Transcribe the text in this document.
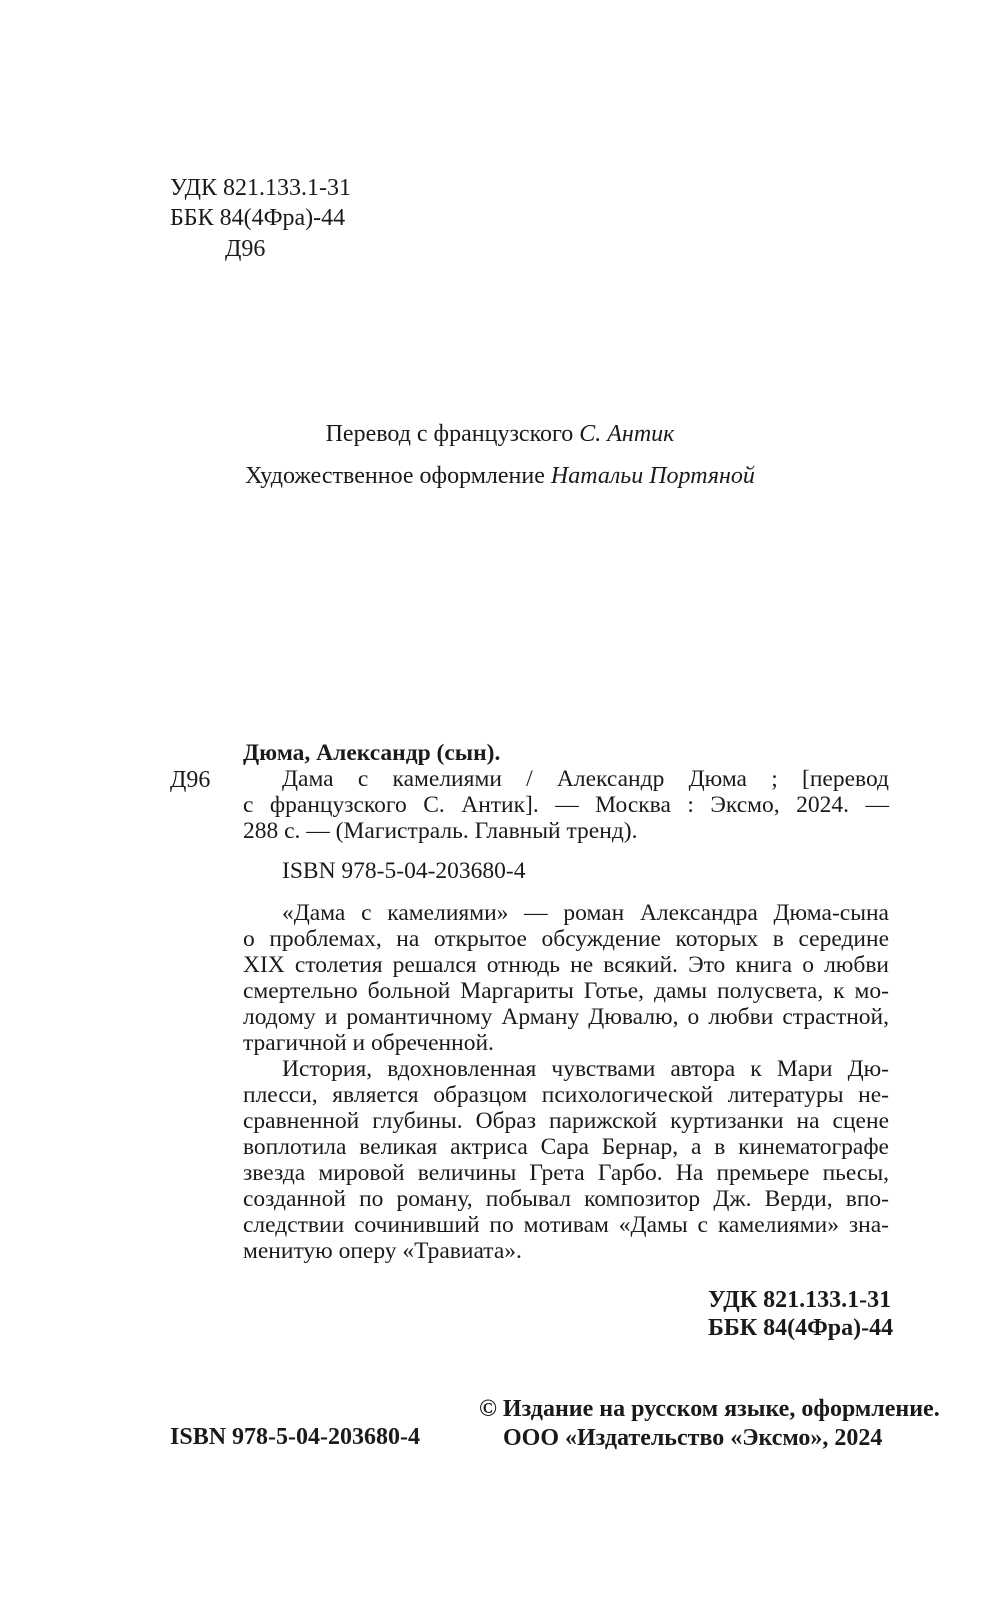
УДК 821.133.1-31
ББК 84(4Фра)-44
Д96
Перевод с французского С. Антик
Художественное оформление Натальи Портяной
Д96
Дюма, Александр (сын).
Дама с камелиями / Александр Дюма ; [перевод
с французского С. Антик]. — Москва : Эксмо, 2024. —
288 с. — (Магистраль. Главный тренд).
ISBN 978-5-04-203680-4
«Дама с камелиями» — роман Александра Дюма-сына
о проблемах, на открытое обсуждение которых в середине
XIX столетия решался отнюдь не всякий. Это книга о любви
смертельно больной Маргариты Готье, дамы полусвета, к мо-
лодому и романтичному Арману Дювалю, о любви страстной,
трагичной и обреченной.
История, вдохновленная чувствами автора к Мари Дю-
плесси, является образцом психологической литературы не-
сравненной глубины. Образ парижской куртизанки на сцене
воплотила великая актриса Сара Бернар, а в кинематографе
звезда мировой величины Грета Гарбо. На премьере пьесы,
созданной по роману, побывал композитор Дж. Верди, впо-
следствии сочинивший по мотивам «Дамы с камелиями» зна-
менитую оперу «Травиата».
УДК 821.133.1-31
ББК 84(4Фра)-44
ISBN 978-5-04-203680-4
© Издание на русском языке, оформление.
ООО «Издательство «Эксмо», 2024
